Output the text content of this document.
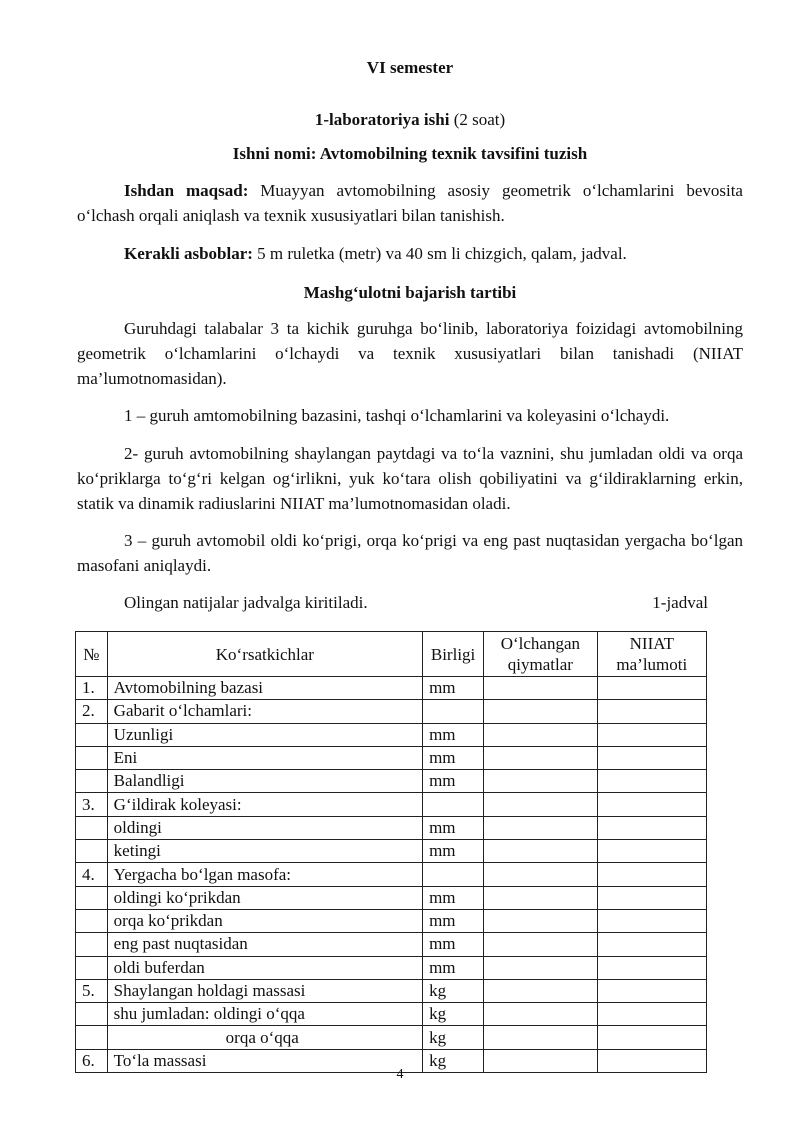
VI semester
1-laboratoriya ishi (2 soat)
Ishni nomi: Avtomobilning texnik tavsifini tuzish
Ishdan maqsad: Muayyan avtomobilning asosiy geometrik o‘lchamlarini bevosita o‘lchash orqali aniqlash va texnik xususiyatlari bilan tanishish.
Kerakli asboblar: 5 m ruletka (metr) va 40 sm li chizgich, qalam, jadval.
Mashg‘ulotni bajarish tartibi
Guruhdagi talabalar 3 ta kichik guruhga bo‘linib, laboratoriya foizidagi avtomobilning geometrik o‘lchamlarini o‘lchaydi va texnik xususiyatlari bilan tanishadi (NIIAT ma’lumotnomasidan).
1 – guruh amtomobilning bazasini, tashqi o‘lchamlarini va koleyasini o‘lchaydi.
2- guruh avtomobilning shaylangan paytdagi va to‘la vaznini, shu jumladan oldi va orqa ko‘priklarga to‘g‘ri kelgan og‘irlikni, yuk ko‘tara olish qobiliyatini va g‘ildiraklarning erkin, statik va dinamik radiuslarini NIIAT ma’lumotnomasidan oladi.
3 – guruh avtomobil oldi ko‘prigi, orqa ko‘prigi va eng past nuqtasidan yergacha bo‘lgan masofani aniqlaydi.
Olingan natijalar jadvalga kiritiladi.	1-jadval
№	Ko‘rsatkichlar	Birligi	O‘lchangan qiymatlar	NIIAT ma’lumoti
1.	Avtomobilning bazasi	mm		
2.	Gabarit o‘lchamlari:			
	Uzunligi	mm		
	Eni	mm		
	Balandligi	mm		
3.	G‘ildirak koleyasi:			
	oldingi	mm		
	ketingi	mm		
4.	Yergacha bo‘lgan masofa:			
	oldingi ko‘prikdan	mm		
	orqa ko‘prikdan	mm		
	eng past nuqtasidan	mm		
	oldi buferdan	mm		
5.	Shaylangan holdagi massasi	kg		
	shu jumladan: oldingi o‘qqa	kg		
	orqa o‘qqa	kg		
6.	To‘la massasi	kg		
4
